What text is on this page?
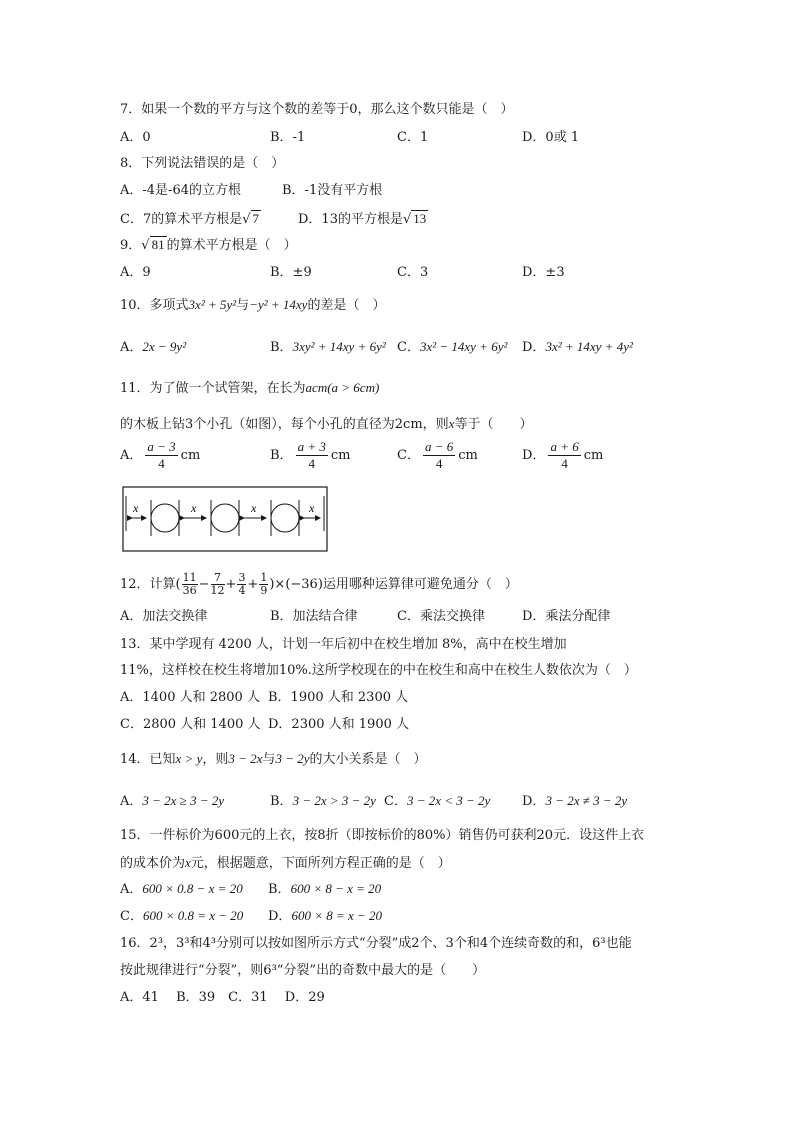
7．如果一个数的平方与这个数的差等于0，那么这个数只能是（　）
A．0	B．-1	C．1	D．0或 1
8．下列说法错误的是（　）
A．-4是-64的立方根	B．-1没有平方根
C．7的算术平方根是√ 7	D．13的平方根是√ 13
9．√ 81 的算术平方根是（　）
A．9	B．±9	C．3	D．±3
10．多项式3x² + 5y²与−y² + 14xy的差是（　）
A．2x − 9y²	B．3xy² + 14xy + 6y² C．3x² − 14xy + 6y² D．3x² + 14xy + 4y²
11．为了做一个试管架，在长为acm(a > 6cm)
的木板上钻3个小孔（如图），每个小孔的直径为2cm，则x等于（　　）
A． $\frac{a - 3}{4}$ cm	B． $\frac{a + 3}{4}$ cm	C． $\frac{a - 6}{4}$ cm	D． $\frac{a + 6}{4}$ cm
x	x	x	x
12．计算( $\frac{11}{36} - \frac{7}{12} + \frac{3}{4} + \frac{1}{9} )\times(-36)$运用哪种运算律可避免通分（　）
A．加法交换律	B．加法结合律	C．乘法交换律	D．乘法分配律
13．某中学现有 4200 人，计划一年后初中在校生增加 8%，高中在校生增加
11%，这样校在校生将增加10%.这所学校现在的中在校生和高中在校生人数依次为（　）
A．1400 人和 2800 人 B．1900 人和 2300 人
C．2800 人和 1400 人 D．2300 人和 1900 人
14．已知x > y，则3 − 2x与3 − 2y的大小关系是（　）
A．3 − 2x ≥ 3 − 2y	B．3 − 2x > 3 − 2y C．3 − 2x < 3 − 2y D．3 − 2x ≠ 3 − 2y
15．一件标价为600元的上衣，按8折（即按标价的80%）销售仍可获利20元．设这件上衣
的成本价为x元，根据题意，下面所列方程正确的是（　）
A．600 × 0.8 − x = 20 B．600 × 8 − x = 20
C．600 × 0.8 = x − 20 D．600 × 8 = x − 20
16．2³，3³和4³分别可以按如图所示方式“分裂”成2个、3个和4个连续奇数的和，6³也能
按此规律进行“分裂”，则6³“分裂”出的奇数中最大的是（　　）
A．41　 B．39　C．31　 D．29
